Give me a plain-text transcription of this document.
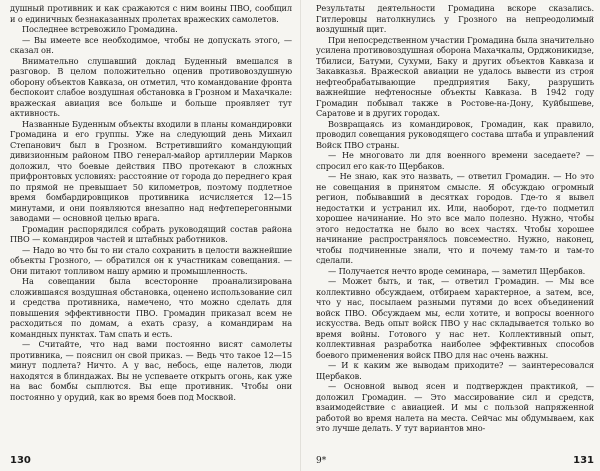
душный противник и как сражаются с ним воины ПВО, сообщил и о единичных безнаказанных пролетах вражеских самолетов.

Последнее встревожило Громадина.

— Вы имеете все необходимое, чтобы не допускать этого, — сказал он.

Внимательно слушавший доклад Буденный вмешался в разговор. В целом положительно оценив противовоздушную оборону объектов Кавказа, он отметил, что командование фронта беспокоит слабое воздушная обстановка в Грозном и Махачкале: вражеская авиация все больше и больше проявляет тут активность.

Названные Буденным объекты входили в планы командировки Громадина и его группы. Уже на следующий день Михаил Степанович был в Грозном. Встретившийго командующий дивизионным районом ПВО генерал-майор артиллерии Марков доложил, что боевые действия ПВО протекают в сложных прифронтовых условиях: расстояние от города до переднего края по прямой не превышает 50 километров, поэтому подлетное время бомбардировщиков противника исчисляется 12—15 минутами, и они появляются внезапно над нефтеперегонными заводами — основной целью врага.

Громадин распорядился собрать руководящий состав района ПВО — командиров частей и штабных работников.

— Надо во что бы то ни стало сохранить в целости важнейшие объекты Грозного, — обратился он к участникам совещания. — Они питают топливом нашу армию и промышленность.

На совещании была всесторонне проанализирована сложившаяся воздушная обстановка, оценено использование сил и средства противника, намечено, что можно сделать для повышения эффективности ПВО. Громадин приказал всем не расходиться по домам, а ехать сразу, а командирам на командных пунктах. Там спать и есть.

— Считайте, что над вами постоянно висят самолеты противника, — пояснил он свой приказ. — Ведь что такое 12—15 минут подлета? Ничто. А у вас, небось, еще налетов, люди находятся в блиндажах. Вы не успеваете открыть огонь, как уже на вас бомбы сыплются. Вы еще противник. Чтобы они постоянно у орудий, как во время боев под Москвой.

Результаты деятельности Громадина вскоре сказались. Гитлеровцы натолкнулись у Грозного на непреодолимый воздушный щит.

При непосредственном участии Громадина была значительно усилена противовоздушная оборона Махачкалы, Орджоникидзе, Тбилиси, Батуми, Сухуми, Баку и других объектов Кавказа и Закавказья. Вражеской авиации не удалось вывести из строя нефтеобрабатывающие предприятия Баку, разрушить важнейшие нефтеносные объекты Кавказа. В 1942 году Громадин побывал также в Ростове-на-Дону, Куйбышеве, Саратове и в других городах.

Возвращаясь из командировок, Громадин, как правило, проводил совещания руководящего состава штаба и управлений Войск ПВО страны.

— Не многовато ли для военного времени заседаете? — спросил его как-то Щербаков.

— Не знаю, как это назвать, — ответил Громадин. — Но это не совещания в принятом смысле. Я обсуждаю огромный регион, побывавший в десятках городов. Где-то я вывел недостатки и устранил их. Или, наоборот, где-то подметил хорошее начинание. Но это все мало полезно. Нужно, чтобы этого недостатка не было во всех частях. Чтобы хорошее начинание распространялось повсеместно. Нужно, наконец, чтобы подчиненные знали, что и почему там-то и там-то сделали.

— Получается нечто вроде семинара, — заметил Щербаков.

— Может быть, и так, — ответил Громадин. — Мы все коллективно обсуждаем, отбираем характерное, а затем, все, что у нас, посылаем разными путями до всех объединений войск ПВО. Обсуждаем мы, если хотите, и вопросы военного искусства. Ведь опыт войск ПВО у нас складывается только во время войны. Готового у нас нет. Коллективный опыт, коллективная разработка наиболее эффективных способов боевого применения войск ПВО для нас очень важны.

— И к каким же выводам приходите? — заинтересовался Щербаков.

— Основной вывод ясен и подтвержден практикой, — доложил Громадин. — Это массирование сил и средств, взаимодействие с авиацией. И мы с пользой напряженной работой во время налета на места. Сейчас мы обдумываем, как это лучше делать. У тут вариантов мно-

130	9*	131
